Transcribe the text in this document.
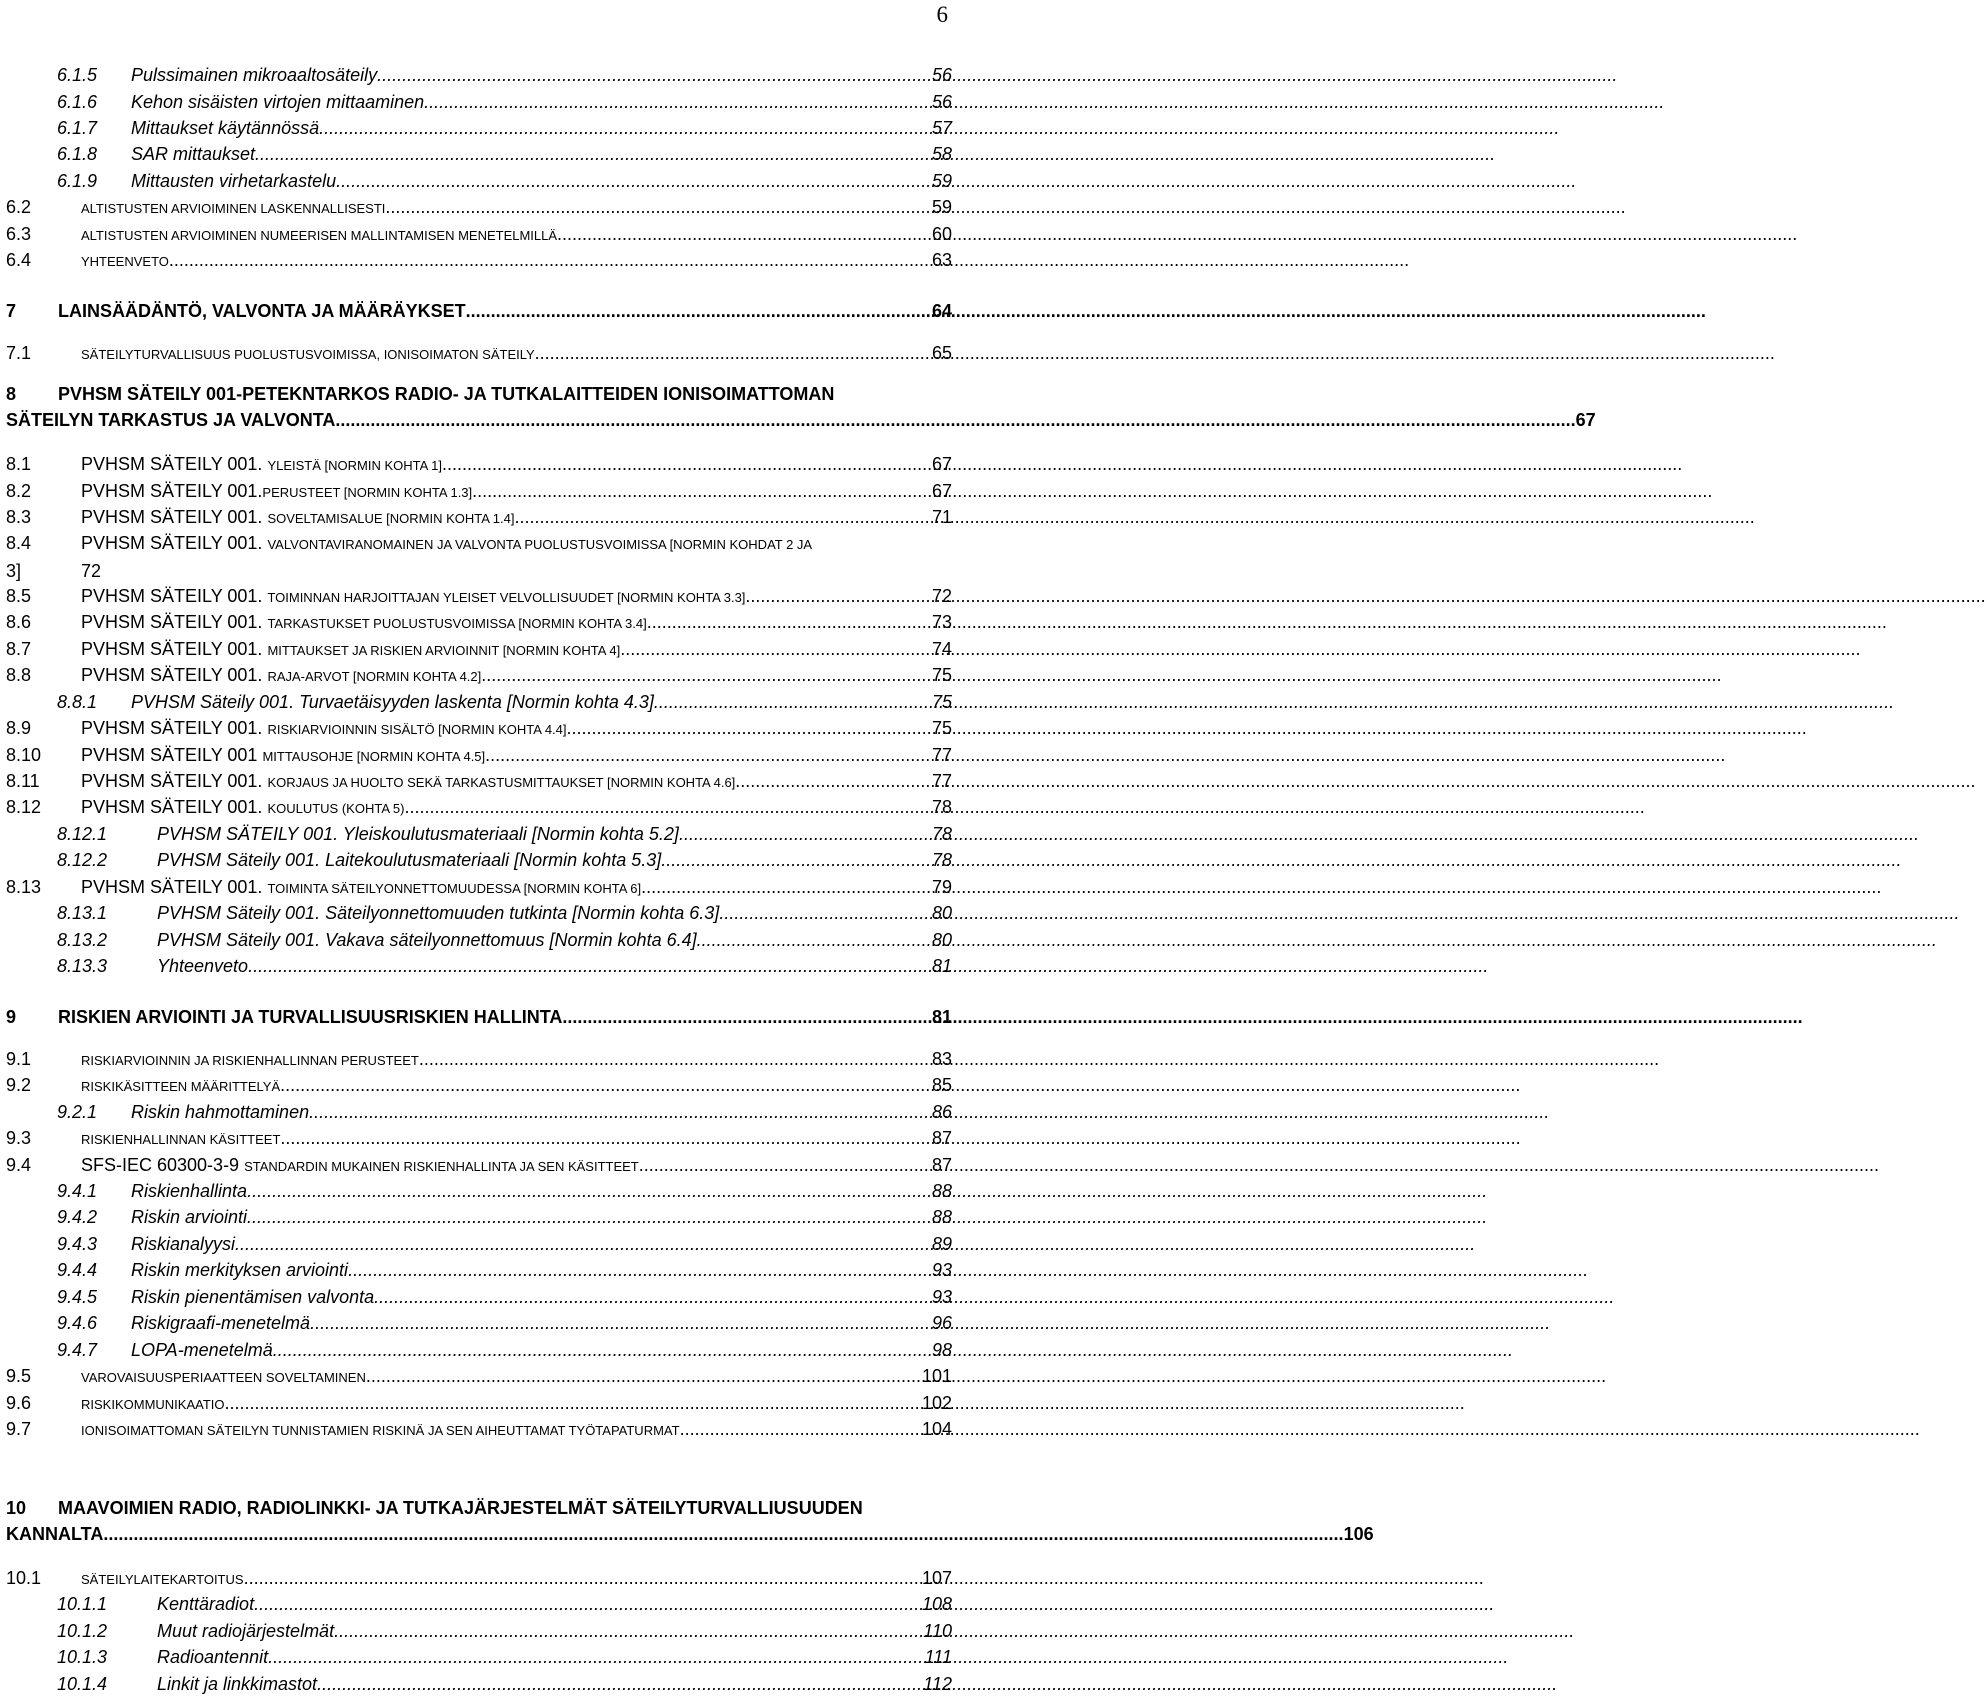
6
6.1.5	Pulssimainen mikroaaltosäteily .....	56
6.1.6	Kehon sisäisten virtojen mittaaminen .....	56
6.1.7	Mittaukset käytännössä .....	57
6.1.8	SAR mittaukset .....	58
6.1.9	Mittausten virhetarkastelu .....	59
6.2	ALTISTUSTEN ARVIOIMINEN LASKENNALLISESTI .....	59
6.3	ALTISTUSTEN ARVIOIMINEN NUMEERISEN MALLINTAMISEN MENETELMILLÄ .....	60
6.4	YHTEENVETO .....	63
7	LAINSÄÄDÄNTÖ, VALVONTA JA MÄÄRÄYKSET .....	64
7.1	SÄTEILYTURVALLISUUS PUOLUSTUSVOIMISSA, IONISOIMATON SÄTEILY .....	65
8 PVHSM SÄTEILY 001-PETEKNTARKOS RADIO- JA TUTKALAITTEIDEN IONISOIMATTOMAN
SÄTEILYN TARKASTUS JA VALVONTA .....	67
8.1	PVHSM SÄTEILY 001. YLEISTÄ [NORMIN KOHTA 1] .....	67
8.2	PVHSM SÄTEILY 001.PERUSTEET [NORMIN KOHTA 1.3] .....	67
8.3	PVHSM SÄTEILY 001. SOVELTAMISALUE [NORMIN KOHTA 1.4] .....	71
8.4	PVHSM SÄTEILY 001. VALVONTAVIRANOMAINEN JA VALVONTA PUOLUSTUSVOIMISSA [NORMIN KOHDAT 2 JA
3]	72
8.5	PVHSM SÄTEILY 001. TOIMINNAN HARJOITTAJAN YLEISET VELVOLLISUUDET [NORMIN KOHTA 3.3] .....	72
8.6	PVHSM SÄTEILY 001. TARKASTUKSET PUOLUSTUSVOIMISSA [NORMIN KOHTA 3.4] .....	73
8.7	PVHSM SÄTEILY 001. MITTAUKSET JA RISKIEN ARVIOINNIT [NORMIN KOHTA 4] .....	74
8.8	PVHSM SÄTEILY 001. RAJA-ARVOT [NORMIN KOHTA 4.2] .....	75
8.8.1	PVHSM Säteily 001. Turvaetäisyyden laskenta [Normin kohta 4.3] .....	75
8.9	PVHSM SÄTEILY 001. RISKIARVIOINNIN SISÄLTÖ [NORMIN KOHTA 4.4] .....	75
8.10	PVHSM SÄTEILY 001 MITTAUSOHJE [NORMIN KOHTA 4.5] .....	77
8.11	PVHSM SÄTEILY 001. KORJAUS JA HUOLTO SEKÄ TARKASTUSMITTAUKSET [NORMIN KOHTA 4.6] .....	77
8.12	PVHSM SÄTEILY 001. KOULUTUS (KOHTA 5) .....	78
8.12.1	PVHSM SÄTEILY 001. Yleiskoulutusmateriaali [Normin kohta 5.2] .....	78
8.12.2	PVHSM Säteily 001. Laitekoulutusmateriaali [Normin kohta 5.3] .....	78
8.13	PVHSM SÄTEILY 001. TOIMINTA SÄTEILYONNETTOMUUDESSA [NORMIN KOHTA 6] .....	79
8.13.1	PVHSM Säteily 001. Säteilyonnettomuuden tutkinta [Normin kohta 6.3] .....	80
8.13.2	PVHSM Säteily 001. Vakava säteilyonnettomuus [Normin kohta 6.4] .....	80
8.13.3	Yhteenveto .....	81
9	RISKIEN ARVIOINTI JA TURVALLISUUSRISKIEN HALLINTA .....	81
9.1	RISKIARVIOINNIN JA RISKIENHALLINNAN PERUSTEET .....	83
9.2	RISKIKÄSITTEEN MÄÄRITTELYÄ .....	85
9.2.1	Riskin hahmottaminen .....	86
9.3	RISKIENHALLINNAN KÄSITTEET .....	87
9.4	SFS-IEC 60300-3-9 STANDARDIN MUKAINEN RISKIENHALLINTA JA SEN KÄSITTEET .....	87
9.4.1	Riskienhallinta .....	88
9.4.2	Riskin arviointi .....	88
9.4.3	Riskianalyysi .....	89
9.4.4	Riskin merkityksen arviointi .....	93
9.4.5	Riskin pienentämisen valvonta .....	93
9.4.6	Riskigraafi-menetelmä .....	96
9.4.7	LOPA-menetelmä .....	98
9.5	VAROVAISUUSPERIAATTEEN SOVELTAMINEN .....	101
9.6	RISKIKOMMUNIKAATIO .....	102
9.7	IONISOIMATTOMAN SÄTEILYN TUNNISTAMIEN RISKINÄ JA SEN AIHEUTTAMAT TYÖTAPATURMAT .....	104
10 MAAVOIMIEN RADIO, RADIOLINKKI- JA TUTKAJÄRJESTELMÄT SÄTEILYTURVALLIUSUUDEN
KANNALTA .....	106
10.1	SÄTEILYLAITEKARTOITUS .....	107
10.1.1	Kenttäradiot .....	108
10.1.2	Muut radiojärjestelmät .....	110
10.1.3	Radioantennit .....	111
10.1.4	Linkit ja linkkimastot .....	112
